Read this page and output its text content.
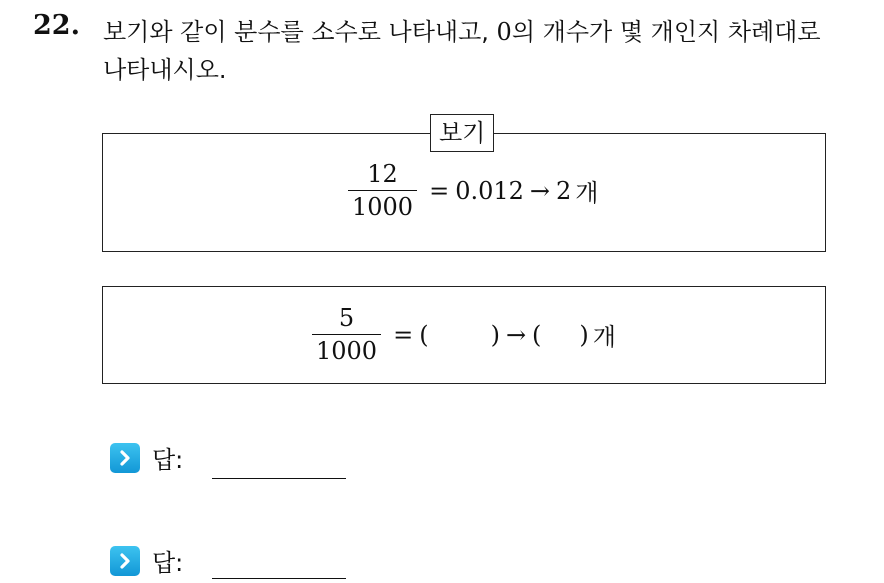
22. 보기와 같이 분수를 소수로 나타내고, 0의 개수가 몇 개인지 차례대로
나타내시오.
보기
$\frac{12}{1000} = 0.012 \to 2$ 개
$\frac{5}{1000}$ = (	) → ( ) 개
답:
답:
